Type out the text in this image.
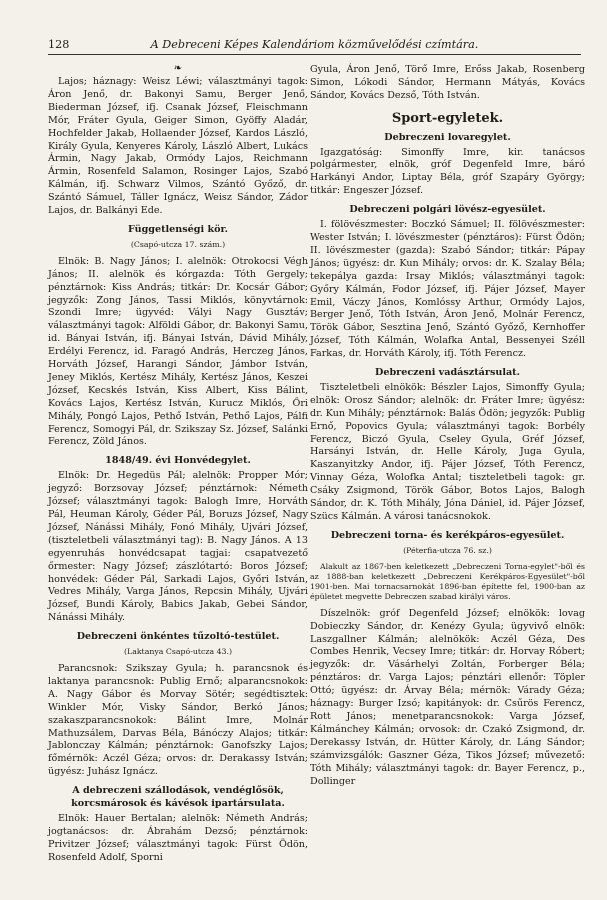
128	A Debreceni Képes Kalendáriom közművelődési czímtára.
❧

Lajos; háznagy: Weisz Léwi; választmányi tagok: Áron Jenő, dr. Bakonyi Samu, Berger Jenő, Biederman József, ifj. Csanak József, Fleischmann Mór, Fráter Gyula, Geiger Simon, Gyöffy Aladár, Hochfelder Jakab, Hollaender József, Kardos László, Király Gyula, Kenyeres Károly, László Albert, Lukács Ármin, Nagy Jakab, Ormódy Lajos, Reichmann Ármin, Rosenfeld Salamon, Rosinger Lajos, Szabó Kálmán, ifj. Schwarz Vilmos, Szántó Győző, dr. Szántó Sámuel, Táller Ignácz, Weisz Sándor, Zádor Lajos, dr. Balkányi Ede.

Függetlenségi kör.
(Csapó-utcza 17. szám.)

Elnök: B. Nagy János; I. alelnök: Otrokocsi Végh János; II. alelnök és kórgazda: Tóth Gergely; pénztárnok: Kiss András; titkár: Dr. Kocsár Gábor; jegyzők: Zong János, Tassi Miklós, könyvtárnok: Szondi Imre; ügyvéd: Vályi Nagy Gusztáv; választmányi tagok: Alföldi Gábor, dr. Bakonyi Samu, id. Bányai István, ifj. Bányai István, Dávid Mihály, Erdélyi Ferencz, id. Faragó András, Herczeg János, Horváth József, Harangi Sándor, Jámbor István, Jeney Miklós, Kertész Mihály, Kertész János, Keszei József, Kecskés István, Kiss Albert, Kiss Bálint, Kovács Lajos, Kertész István, Kurucz Miklós, Őri Mihály, Pongó Lajos, Pethő István, Pethő Lajos, Pálfi Ferencz, Somogyi Pál, dr. Szikszay Sz. József, Salánki Ferencz, Zöld János.

1848/49. évi Honvédegylet.

Elnök: Dr. Hegedüs Pál; alelnök: Propper Mór; jegyző: Borzsovay József; pénztárnok: Németh József; választmányi tagok: Balogh Imre, Horváth Pál, Heuman Károly, Géder Pál, Boruzs József, Nagy József, Nánássi Mihály, Fonó Mihály, Ujvári József, (tiszteletbeli választmányi tag): B. Nagy János. A 13 egyenruhás honvédcsapat tagjai: csapatvezető őrmester: Nagy József; zászlótartó: Boros József; honvédek: Géder Pál, Sarkadi Lajos, Győri István, Vedres Mihály, Varga János, Repcsin Mihály, Ujvári József, Bundi Károly, Babics Jakab, Gebei Sándor, Nánássi Mihály.

Debreczeni önkéntes tűzoltó-testület.
(Laktanya Csapó-utcza 43.)

Parancsnok: Szikszay Gyula; h. parancsnok és laktanya parancsnok: Publig Ernő; alparancsnokok: A. Nagy Gábor és Morvay Sötér; segédtisztek: Winkler Mór, Visky Sándor, Berkó János; szakaszparancsnokok: Bálint Imre, Molnár Mathuzsálem, Darvas Béla, Bánóczy Alajos; titkár: Jablonczay Kálmán; pénztárnok: Ganofszky Lajos; főmérnök: Aczél Géza; orvos: dr. Derakassy István; ügyész: Juhász Ignácz.

A debreczeni szállodások, vendéglősök, korcsmárosok és kávésok ipartársulata.

Elnök: Hauer Bertalan; alelnök: Németh András; jogtanácsos: dr. Ábrahám Dezső; pénztárnok: Privitzer József; választmányi tagok: Fürst Ödön, Rosenfeld Adolf, Sporni

Gyula, Áron Jenő, Törő Imre, Erőss Jakab, Rosenberg Simon, Lókodi Sándor, Hermann Mátyás, Kovács Sándor, Kovács Dezső, Tóth István.

Sport-egyletek.
Debreczeni lovaregylet.

Igazgatóság: Simonffy Imre, kir. tanácsos polgármester, elnök, gróf Degenfeld Imre, báró Harkányi Andor, Liptay Béla, gróf Szapáry György; titkár: Engeszer József.

Debreczeni polgári lövész-egyesület.

I. fölövészmester: Boczkó Sámuel; II. fölövészmester: Wester István; I. lövészmester (pénztáros): Fürst Ödön; II. lövészmester (gazda): Szabó Sándor; titkár: Pápay János; ügyész: dr. Kun Mihály; orvos: dr. K. Szalay Béla; tekepálya gazda: Irsay Miklós; választmányi tagok: Győry Kálmán, Fodor József, ifj. Pájer József, Mayer Emil, Váczy János, Komlóssy Arthur, Ormódy Lajos, Berger Jenő, Tóth István, Áron Jenő, Molnár Ferencz, Török Gábor, Sesztina Jenő, Szántó Győző, Kernhoffer József, Tóth Kálmán, Wolafka Antal, Bessenyei Széll Farkas, dr. Horváth Károly, ifj. Tóth Ferencz.

Debreczeni vadásztársulat.

Tiszteletbeli elnökök: Bészler Lajos, Simonffy Gyula; elnök: Orosz Sándor; alelnök: dr. Fráter Imre; ügyész: dr. Kun Mihály; pénztárnok: Balás Ödön; jegyzők: Publig Ernő, Popovics Gyula; választmányi tagok: Borbély Ferencz, Biczó Gyula, Cseley Gyula, Gréf József, Harsányi István, dr. Helle Károly, Juga Gyula, Kaszanyitzky Andor, ifj. Pájer József, Tóth Ferencz, Vinnay Géza, Wolofka Antal; tiszteletbeli tagok: gr. Csáky Zsigmond, Török Gábor, Botos Lajos, Balogh Sándor, dr. K. Tóth Mihály, Jóna Dániel, id. Pájer József, Szücs Kálmán. A városi tanácsnokok.

Debreczeni torna- és kerékpáros-egyesület.
(Péterfia-utcza 76. sz.)

Alakult az 1867-ben keletkezett „Debreczeni Torna-egylet"-ből és az 1888-ban keletkezett „Debreczeni Kerékpáros-Egyesület"-ből 1901-ben. Mai tornacsarnokát 1896-ban építette fel, 1900-ban az épületet megvette Debreczen szabad királyi város.

Díszelnök: gróf Degenfeld József; elnökök: lovag Dobieczky Sándor, dr. Kenézy Gyula; ügyvivő elnök: Laszgallner Kálmán; alelnökök: Aczél Géza, Des Combes Henrik, Vecsey Imre; titkár: dr. Horvay Róbert; jegyzők: dr. Vásárhelyi Zoltán, Forberger Béla; pénztáros: dr. Varga Lajos; pénztári ellenőr: Töpler Ottó; ügyész: dr. Árvay Béla; mérnök: Várady Géza; háznagy: Burger Izsó; kapitányok: dr. Csűrös Ferencz, Rott János; menetparancsnokok: Varga József, Kálmánchey Kálmán; orvosok: dr. Czakó Zsigmond, dr. Derekassy István, dr. Hütter Károly, dr. Láng Sándor; számvizsgálók: Gaszner Géza, Tikos József; művezető: Tóth Mihály; választmányi tagok: dr. Bayer Ferencz, p., Dollinger
